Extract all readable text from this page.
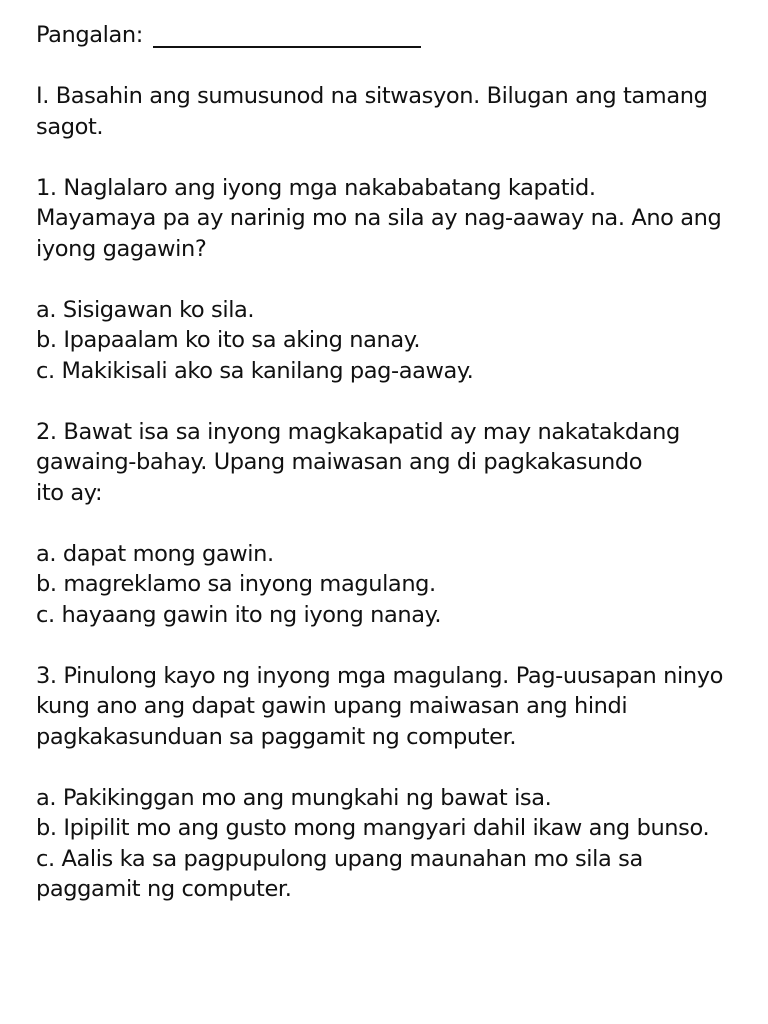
Pangalan:
I. Basahin ang sumusunod na sitwasyon. Bilugan ang tamang
sagot.
1. Naglalaro ang iyong mga nakababatang kapatid.
Mayamaya pa ay narinig mo na sila ay nag-aaway na. Ano ang
iyong gagawin?
a. Sisigawan ko sila.
b. Ipapaalam ko ito sa aking nanay.
c. Makikisali ako sa kanilang pag-aaway.
2. Bawat isa sa inyong magkakapatid ay may nakatakdang
gawaing-bahay. Upang maiwasan ang di pagkakasundo
ito ay:
a. dapat mong gawin.
b. magreklamo sa inyong magulang.
c. hayaang gawin ito ng iyong nanay.
3. Pinulong kayo ng inyong mga magulang. Pag-uusapan ninyo
kung ano ang dapat gawin upang maiwasan ang hindi
pagkakasunduan sa paggamit ng computer.
a. Pakikinggan mo ang mungkahi ng bawat isa.
b. Ipipilit mo ang gusto mong mangyari dahil ikaw ang bunso.
c. Aalis ka sa pagpupulong upang maunahan mo sila sa
paggamit ng computer.
